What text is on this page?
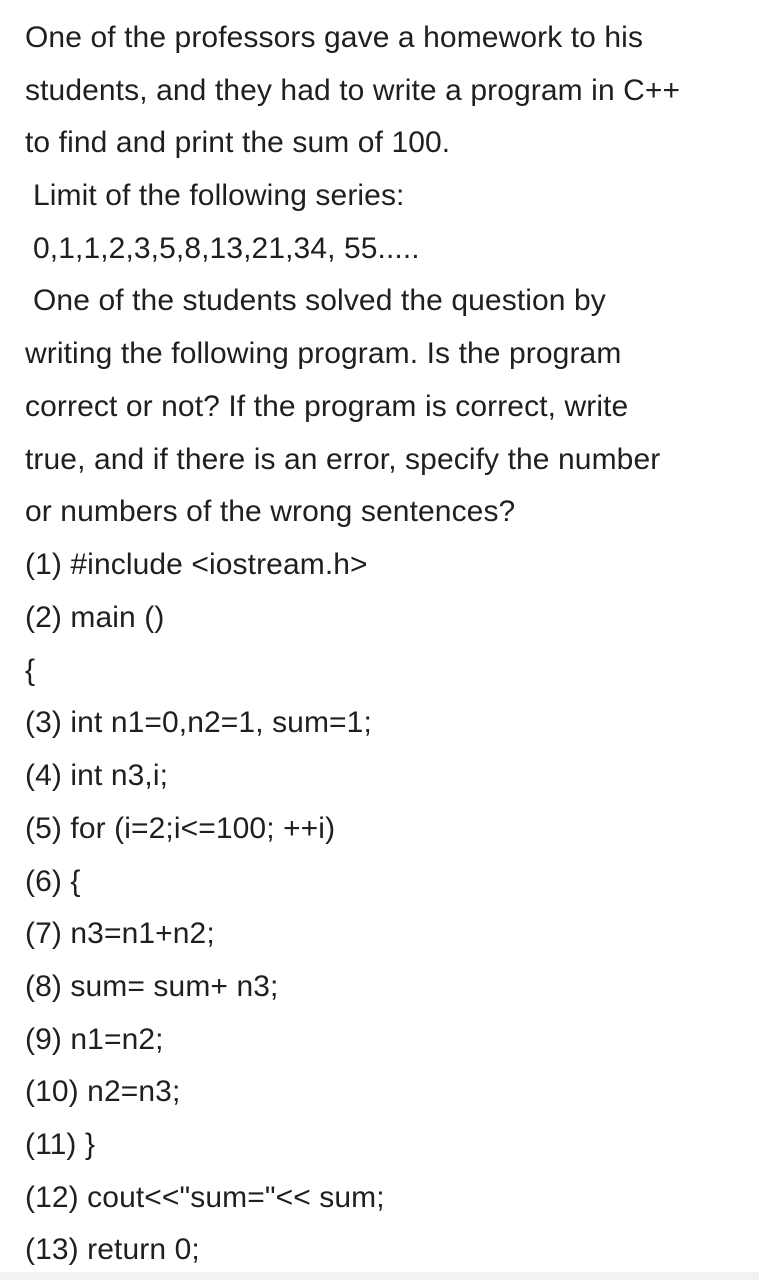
One of the professors gave a homework to his
students, and they had to write a program in C++
to find and print the sum of 100.
Limit of the following series:
0,1,1,2,3,5,8,13,21,34, 55.....
One of the students solved the question by
writing the following program. Is the program
correct or not? If the program is correct, write
true, and if there is an error, specify the number
or numbers of the wrong sentences?
(1) #include <iostream.h>
(2) main ()
{
(3) int n1=0,n2=1, sum=1;
(4) int n3,i;
(5) for (i=2;i<=100; ++i)
(6) {
(7) n3=n1+n2;
(8) sum= sum+ n3;
(9) n1=n2;
(10) n2=n3;
(11) }
(12) cout<<"sum="<< sum;
(13) return 0;
